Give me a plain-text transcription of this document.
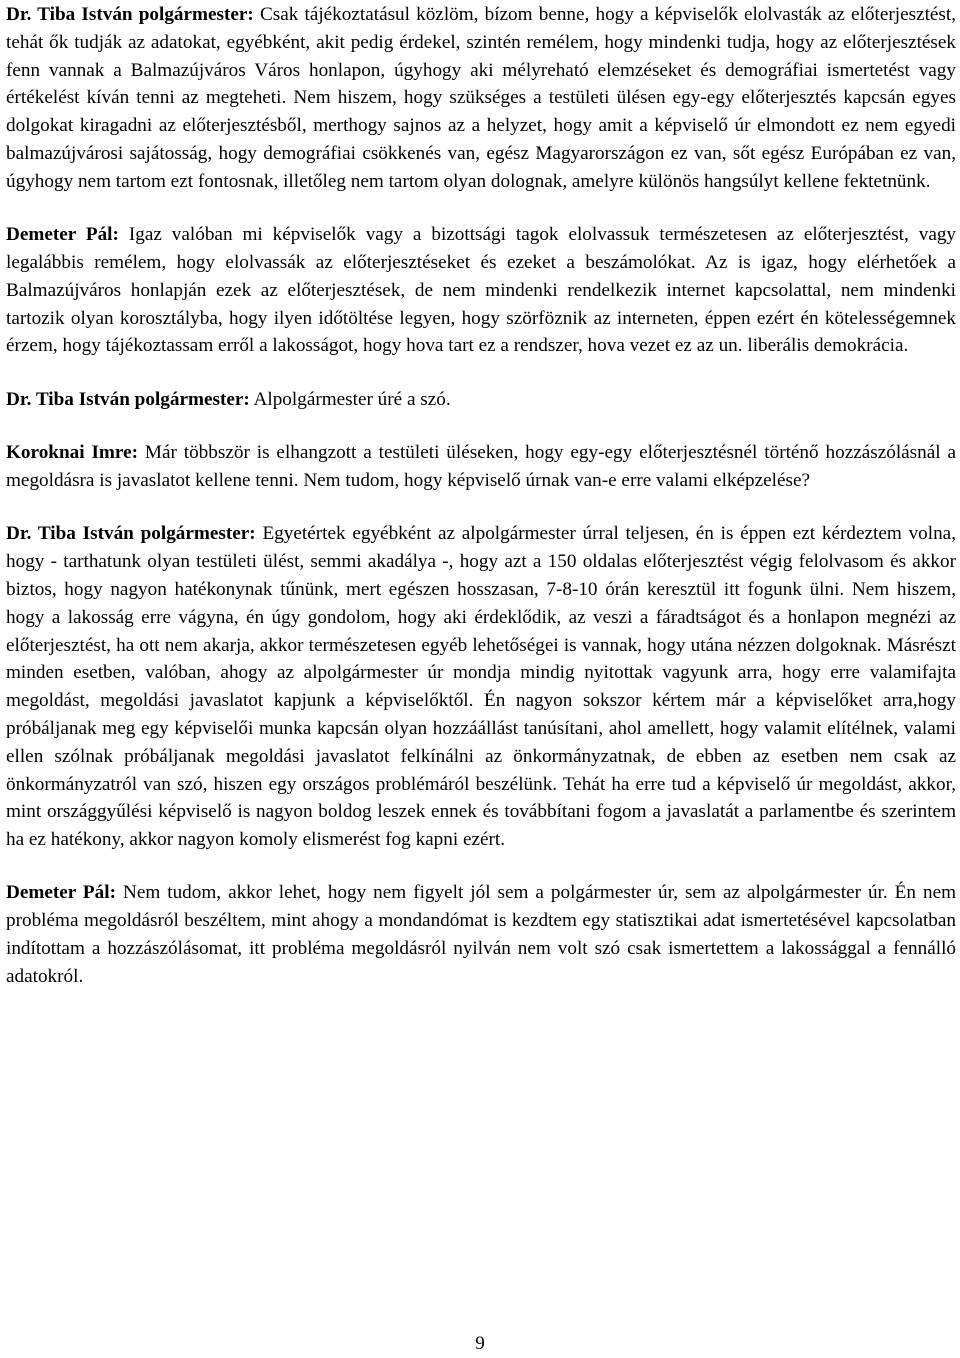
Dr. Tiba István polgármester: Csak tájékoztatásul közlöm, bízom benne, hogy a képviselők elolvasták az előterjesztést, tehát ők tudják az adatokat, egyébként, akit pedig érdekel, szintén remélem, hogy mindenki tudja, hogy az előterjesztések fenn vannak a Balmazújváros Város honlapon, úgyhogy aki mélyreható elemzéseket és demográfiai ismertetést vagy értékelést kíván tenni az megteheti. Nem hiszem, hogy szükséges a testületi ülésen egy-egy előterjesztés kapcsán egyes dolgokat kiragadni az előterjesztésből, merthogy sajnos az a helyzet, hogy amit a képviselő úr elmondott ez nem egyedi balmazújvárosi sajátosság, hogy demográfiai csökkenés van, egész Magyarországon ez van, sőt egész Európában ez van, úgyhogy nem tartom ezt fontosnak, illetőleg nem tartom olyan dolognak, amelyre különös hangsúlyt kellene fektetnünk.

Demeter Pál: Igaz valóban mi képviselők vagy a bizottsági tagok elolvassuk természetesen az előterjesztést, vagy legalábbis remélem, hogy elolvassák az előterjesztéseket és ezeket a beszámolókat. Az is igaz, hogy elérhetőek a Balmazújváros honlapján ezek az előterjesztések, de nem mindenki rendelkezik internet kapcsolattal, nem mindenki tartozik olyan korosztályba, hogy ilyen időtöltése legyen, hogy szörföznik az interneten, éppen ezért én kötelességemnek érzem, hogy tájékoztassam erről a lakosságot, hogy hova tart ez a rendszer, hova vezet ez az un. liberális demokrácia.

Dr. Tiba István polgármester: Alpolgármester úré a szó.

Koroknai Imre: Már többször is elhangzott a testületi üléseken, hogy egy-egy előterjesztésnél történő hozzászólásnál a megoldásra is javaslatot kellene tenni. Nem tudom, hogy képviselő úrnak van-e erre valami elképzelése?

Dr. Tiba István polgármester: Egyetértek egyébként az alpolgármester úrral teljesen, én is éppen ezt kérdeztem volna, hogy - tarthatunk olyan testületi ülést, semmi akadálya -, hogy azt a 150 oldalas előterjesztést végig felolvasom és akkor biztos, hogy nagyon hatékonynak tűnünk, mert egészen hosszasan, 7-8-10 órán keresztül itt fogunk ülni. Nem hiszem, hogy a lakosság erre vágyna, én úgy gondolom, hogy aki érdeklődik, az veszi a fáradtságot és a honlapon megnézi az előterjesztést, ha ott nem akarja, akkor természetesen egyéb lehetőségei is vannak, hogy utána nézzen dolgoknak. Másrészt minden esetben, valóban, ahogy az alpolgármester úr mondja mindig nyitottak vagyunk arra, hogy erre valamifajta megoldást, megoldási javaslatot kapjunk a képviselőktől. Én nagyon sokszor kértem már a képviselőket arra,hogy próbáljanak meg egy képviselői munka kapcsán olyan hozzáállást tanúsítani, ahol amellett, hogy valamit elítélnek, valami ellen szólnak próbáljanak megoldási javaslatot felkínálni az önkormányzatnak, de ebben az esetben nem csak az önkormányzatról van szó, hiszen egy országos problémáról beszélünk. Tehát ha erre tud a képviselő úr megoldást, akkor, mint országgyűlési képviselő is nagyon boldog leszek ennek és továbbítani fogom a javaslatát a parlamentbe és szerintem ha ez hatékony, akkor nagyon komoly elismerést fog kapni ezért.

Demeter Pál: Nem tudom, akkor lehet, hogy nem figyelt jól sem a polgármester úr, sem az alpolgármester úr. Én nem probléma megoldásról beszéltem, mint ahogy a mondandómat is kezdtem egy statisztikai adat ismertetésével kapcsolatban indítottam a hozzászólásomat, itt probléma megoldásról nyilván nem volt szó csak ismertettem a lakossággal a fennálló adatokról.

9
